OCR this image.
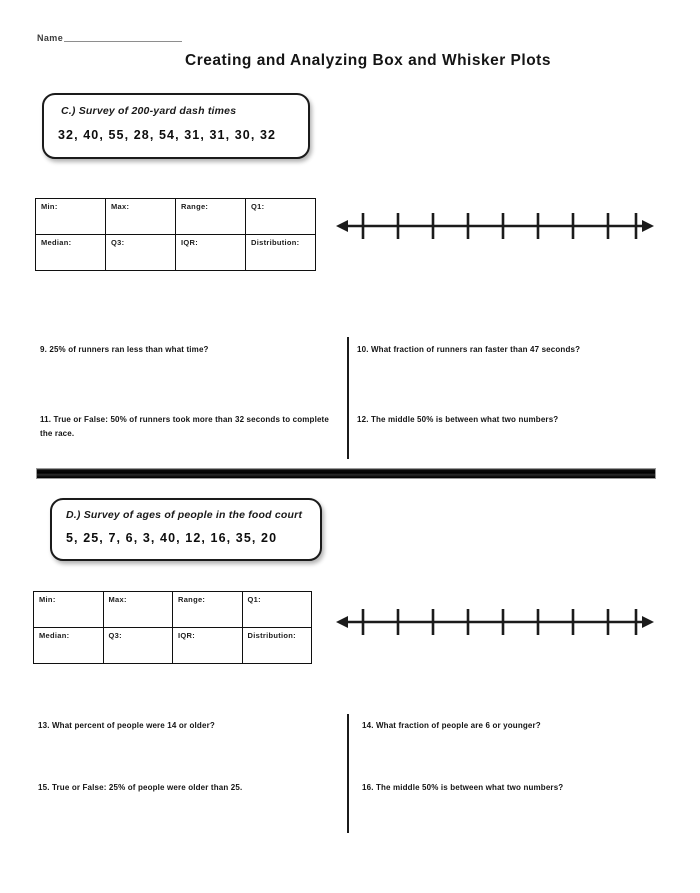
Name
Creating and Analyzing Box and Whisker Plots
C.) Survey of 200-yard dash times
32, 40, 55, 28, 54, 31, 31, 30, 32
Min:	Max:	Range:	Q1:
Median:	Q3:	IQR:	Distribution:
9. 25% of runners ran less than what time?	10. What fraction of runners ran faster than 47 seconds?
11. True or False: 50% of runners took more than 32 seconds to complete the race.
12. The middle 50% is between what two numbers?
D.) Survey of ages of people in the food court
5, 25, 7, 6, 3, 40, 12, 16, 35, 20
Min:	Max:	Range:	Q1:
Median:	Q3:	IQR:	Distribution:
13. What percent of people were 14 or older?	14. What fraction of people are 6 or younger?
15. True or False: 25% of people were older than 25.	16. The middle 50% is between what two numbers?
